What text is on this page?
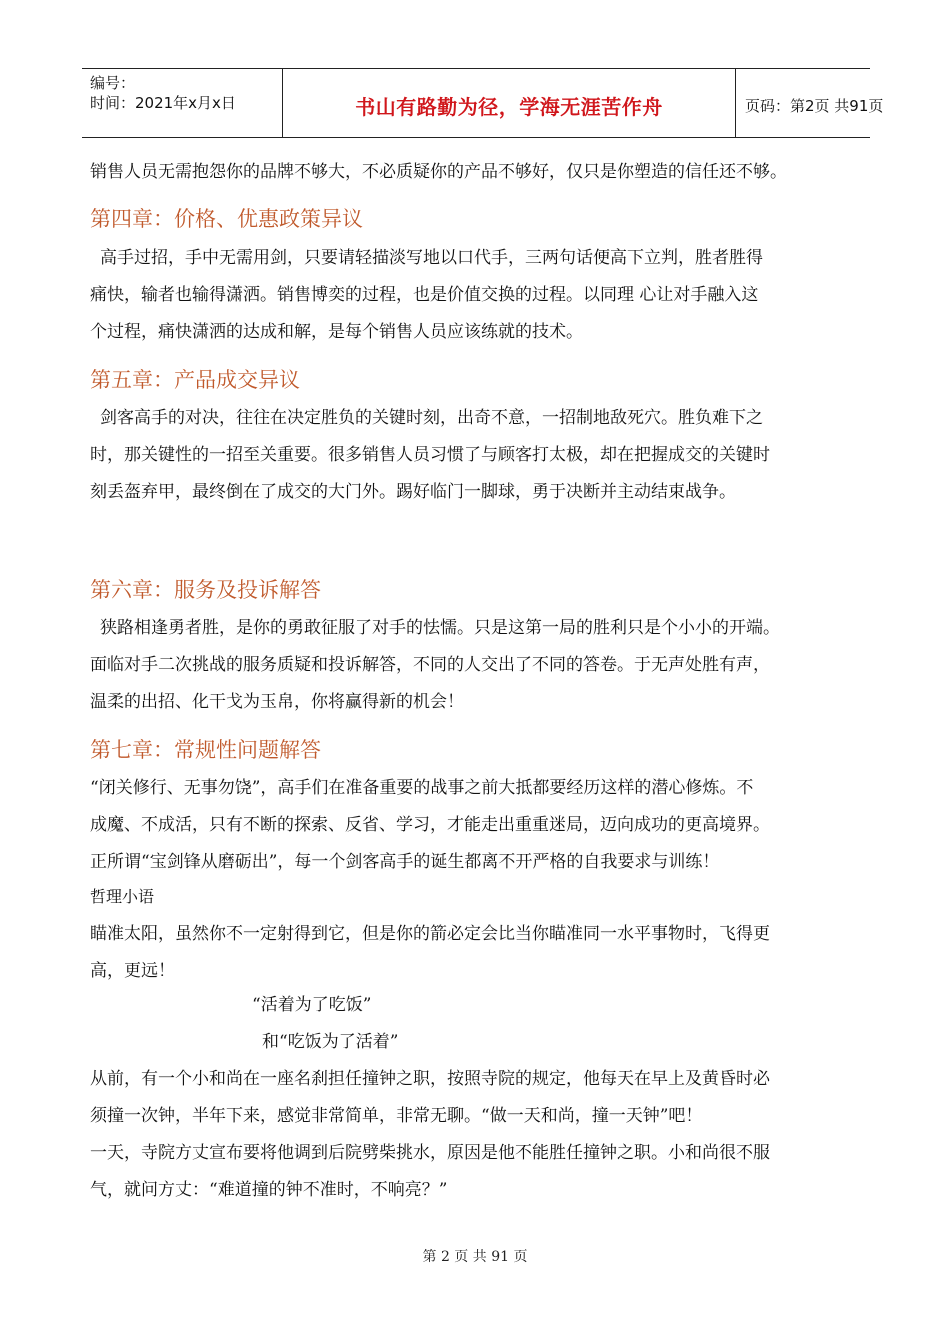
编号：
时间：2021年x月x日	书山有路勤为径，学海无涯苦作舟	页码：第2页 共91页
销售人员无需抱怨你的品牌不够大，不必质疑你的产品不够好，仅只是你塑造的信任还不够。
第四章：价格、优惠政策异议
高手过招，手中无需用剑，只要请轻描淡写地以口代手，三两句话便高下立判，胜者胜得
痛快，输者也输得潇洒。销售博奕的过程，也是价值交换的过程。以同理 心让对手融入这
个过程，痛快潇洒的达成和解，是每个销售人员应该练就的技术。
第五章：产品成交异议
剑客高手的对决，往往在决定胜负的关键时刻，出奇不意，一招制地敌死穴。胜负难下之
时，那关键性的一招至关重要。很多销售人员习惯了与顾客打太极，却在把握成交的关键时
刻丢盔弃甲，最终倒在了成交的大门外。踢好临门一脚球，勇于决断并主动结束战争。
第六章：服务及投诉解答
狭路相逢勇者胜，是你的勇敢征服了对手的怯懦。只是这第一局的胜利只是个小小的开端。
面临对手二次挑战的服务质疑和投诉解答，不同的人交出了不同的答卷。于无声处胜有声，
温柔的出招、化干戈为玉帛，你将赢得新的机会！
第七章：常规性问题解答
“闭关修行、无事勿饶”，高手们在准备重要的战事之前大抵都要经历这样的潜心修炼。不
成魔、不成活，只有不断的探索、反省、学习，才能走出重重迷局，迈向成功的更高境界。
正所谓“宝剑锋从磨砺出”，每一个剑客高手的诞生都离不开严格的自我要求与训练！
哲理小语
瞄准太阳，虽然你不一定射得到它，但是你的箭必定会比当你瞄准同一水平事物时，飞得更
高，更远！
“活着为了吃饭”
和“吃饭为了活着”
从前，有一个小和尚在一座名刹担任撞钟之职，按照寺院的规定，他每天在早上及黄昏时必
须撞一次钟，半年下来，感觉非常简单，非常无聊。“做一天和尚，撞一天钟”吧！
一天，寺院方丈宣布要将他调到后院劈柴挑水，原因是他不能胜任撞钟之职。小和尚很不服
气，就问方丈：“难道撞的钟不准时，不响亮？”
第 2 页 共 91 页
